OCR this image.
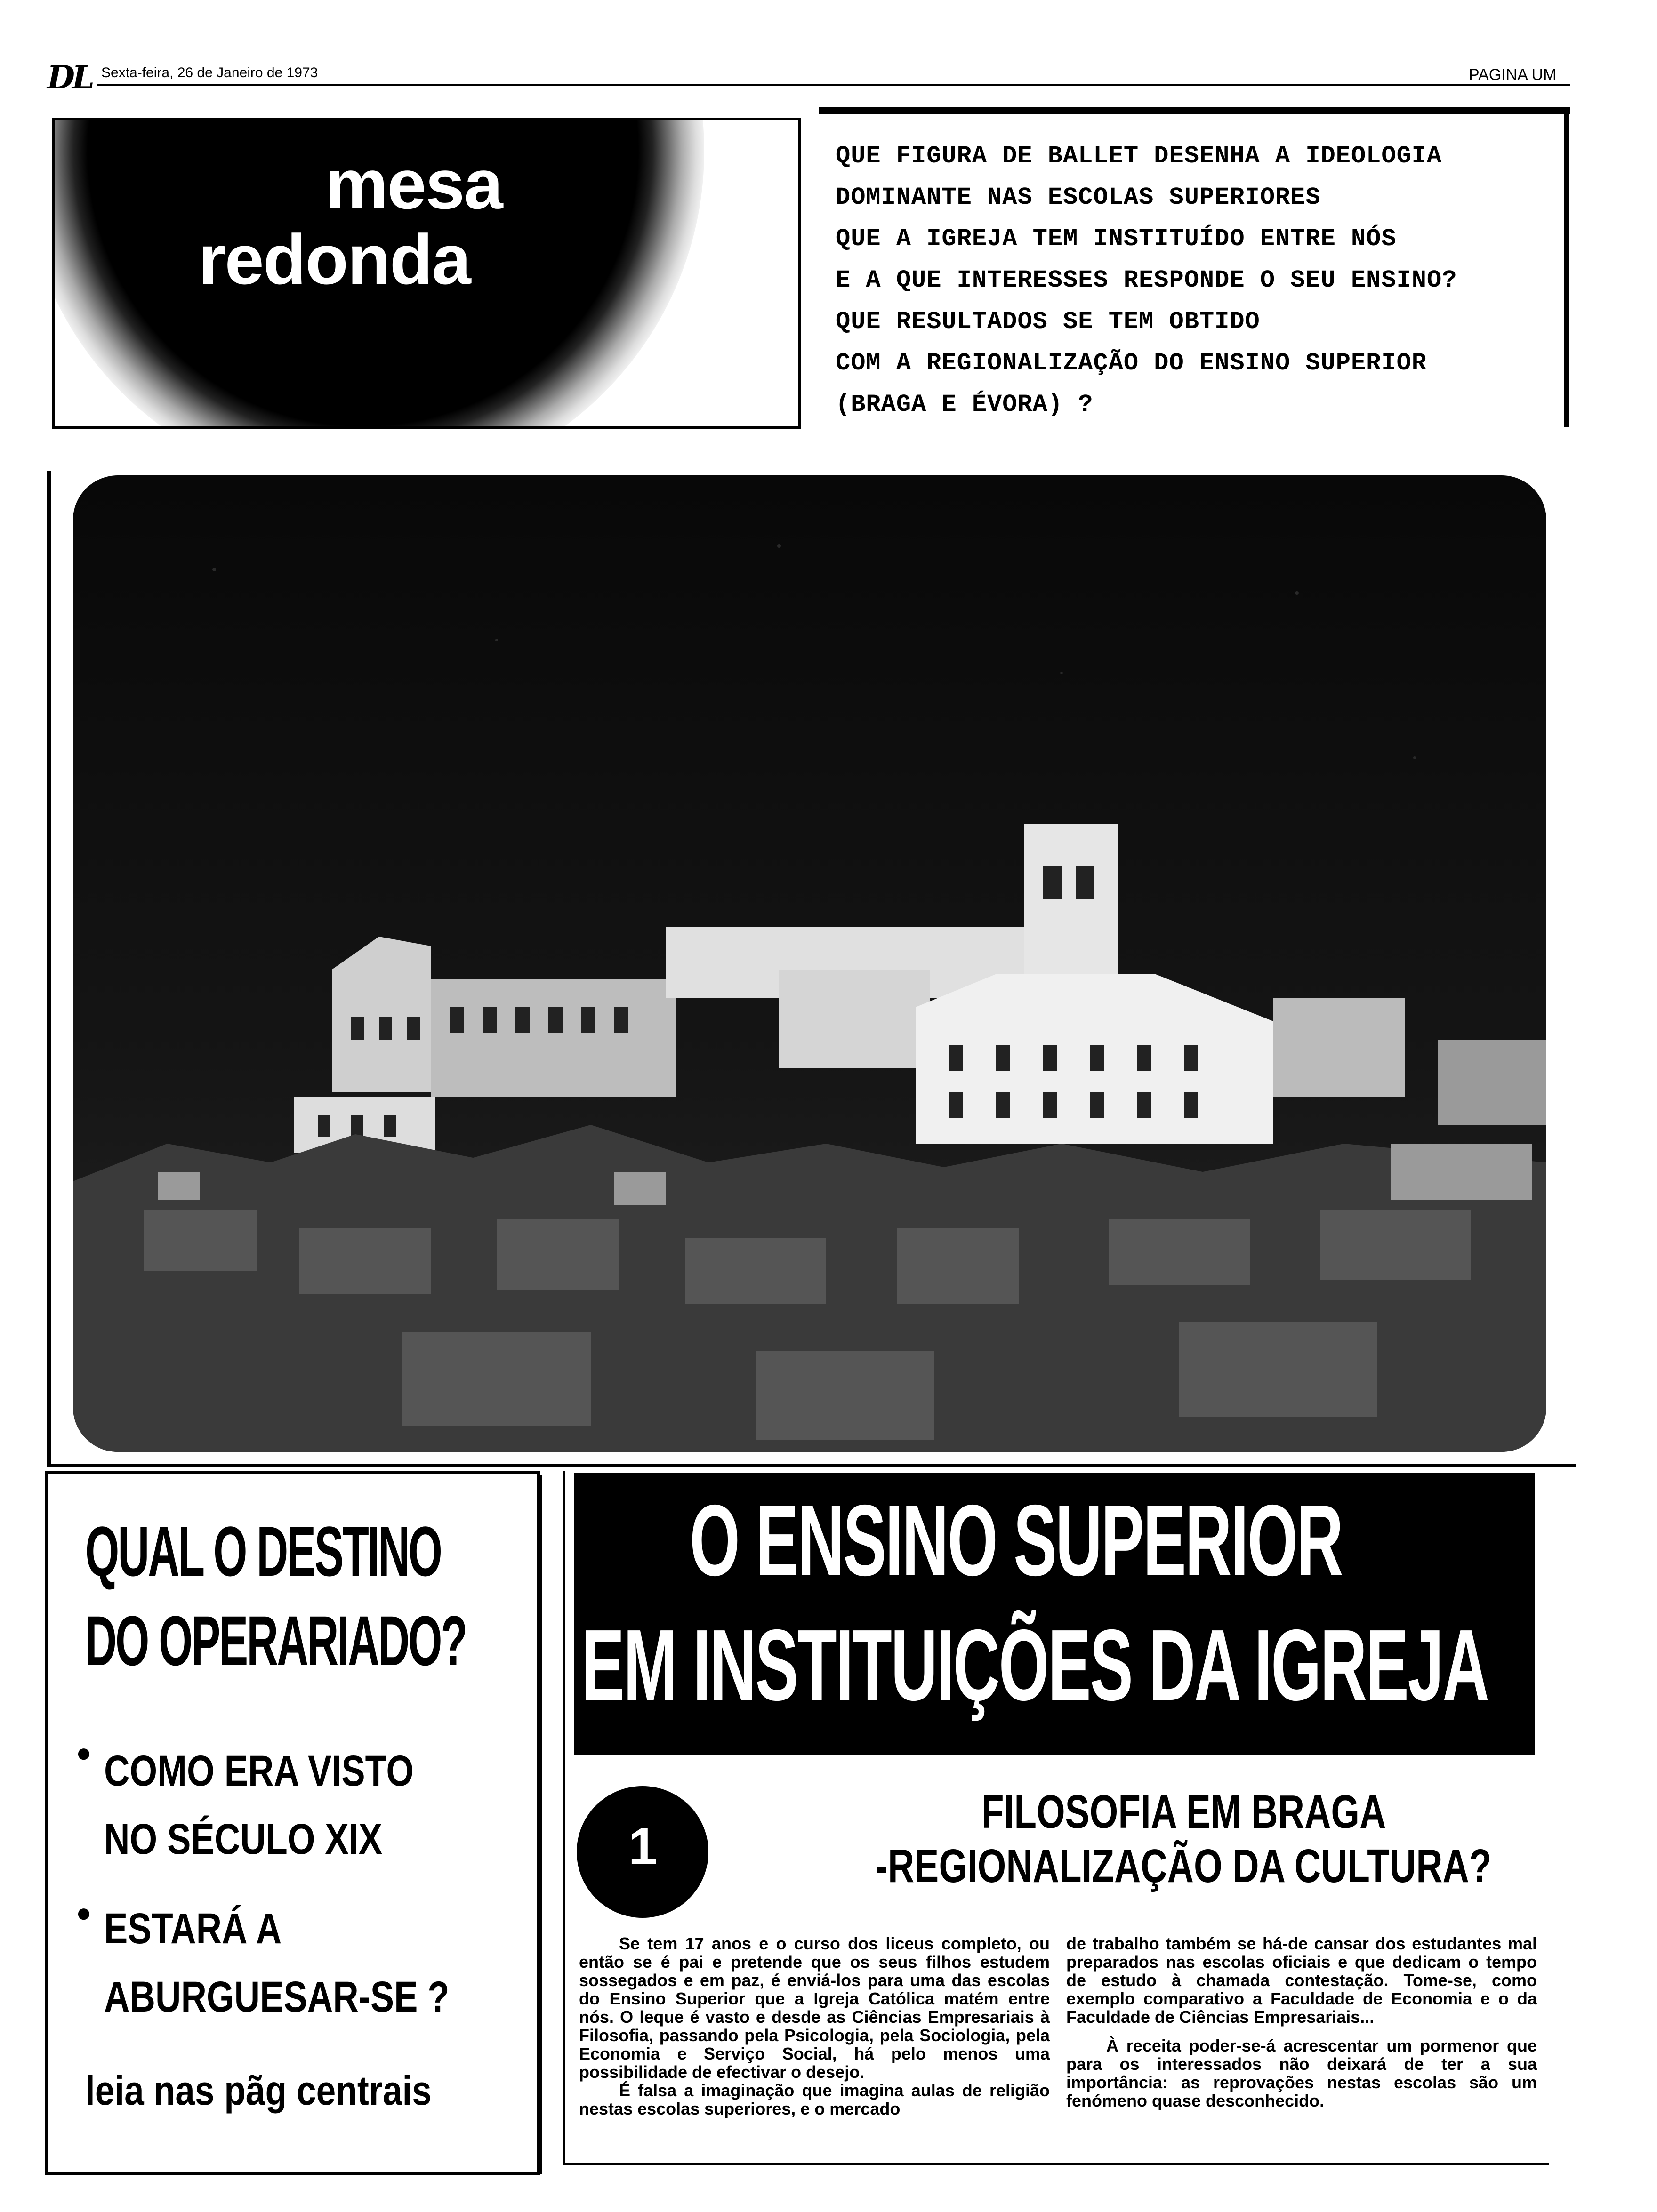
DL Sexta-feira, 26 de Janeiro de 1973	PAGINA UM
mesa
redonda
QUE FIGURA DE BALLET DESENHA A IDEOLOGIA
DOMINANTE NAS ESCOLAS SUPERIORES
QUE A IGREJA TEM INSTITUÍDO ENTRE NÓS
E A QUE INTERESSES RESPONDE O SEU ENSINO?
QUE RESULTADOS SE TEM OBTIDO
COM A REGIONALIZAÇÃO DO ENSINO SUPERIOR
(BRAGA E ÉVORA) ?
QUAL O DESTINO
DO OPERARIADO?
● COMO ERA VISTO
NO SÉCULO XIX
● ESTARÁ A
ABURGUESAR-SE ?
leia nas pãg centrais
O ENSINO SUPERIOR
EM INSTITUIÇÕES DA IGREJA
1
FILOSOFIA EM BRAGA
-REGIONALIZAÇÃO DA CULTURA?

Se tem 17 anos e o curso dos liceus completo, ou então se é pai e pretende que os seus filhos estudem sossegados e em paz, é enviá-los para uma das escolas do Ensino Superior que a Igreja Católica matém entre nós. O leque é vasto e desde as Ciências Empresariais à Filosofia, passando pela Psicologia, pela Sociologia, pela Economia e Serviço Social, há pelo menos uma possibilidade de efectivar o desejo.

É falsa a imaginação que imagina aulas de religião nestas escolas superiores, e o mercado

de trabalho também se há-de cansar dos estudantes mal preparados nas escolas oficiais e que dedicam o tempo de estudo à chamada contestação. Tome-se, como exemplo comparativo a Faculdade de Economia e o da Faculdade de Ciências Empresariais...

À receita poder-se-á acrescentar um pormenor que para os interessados não deixará de ter a sua importância: as reprovações nestas escolas são um fenómeno quase desconhecido.
